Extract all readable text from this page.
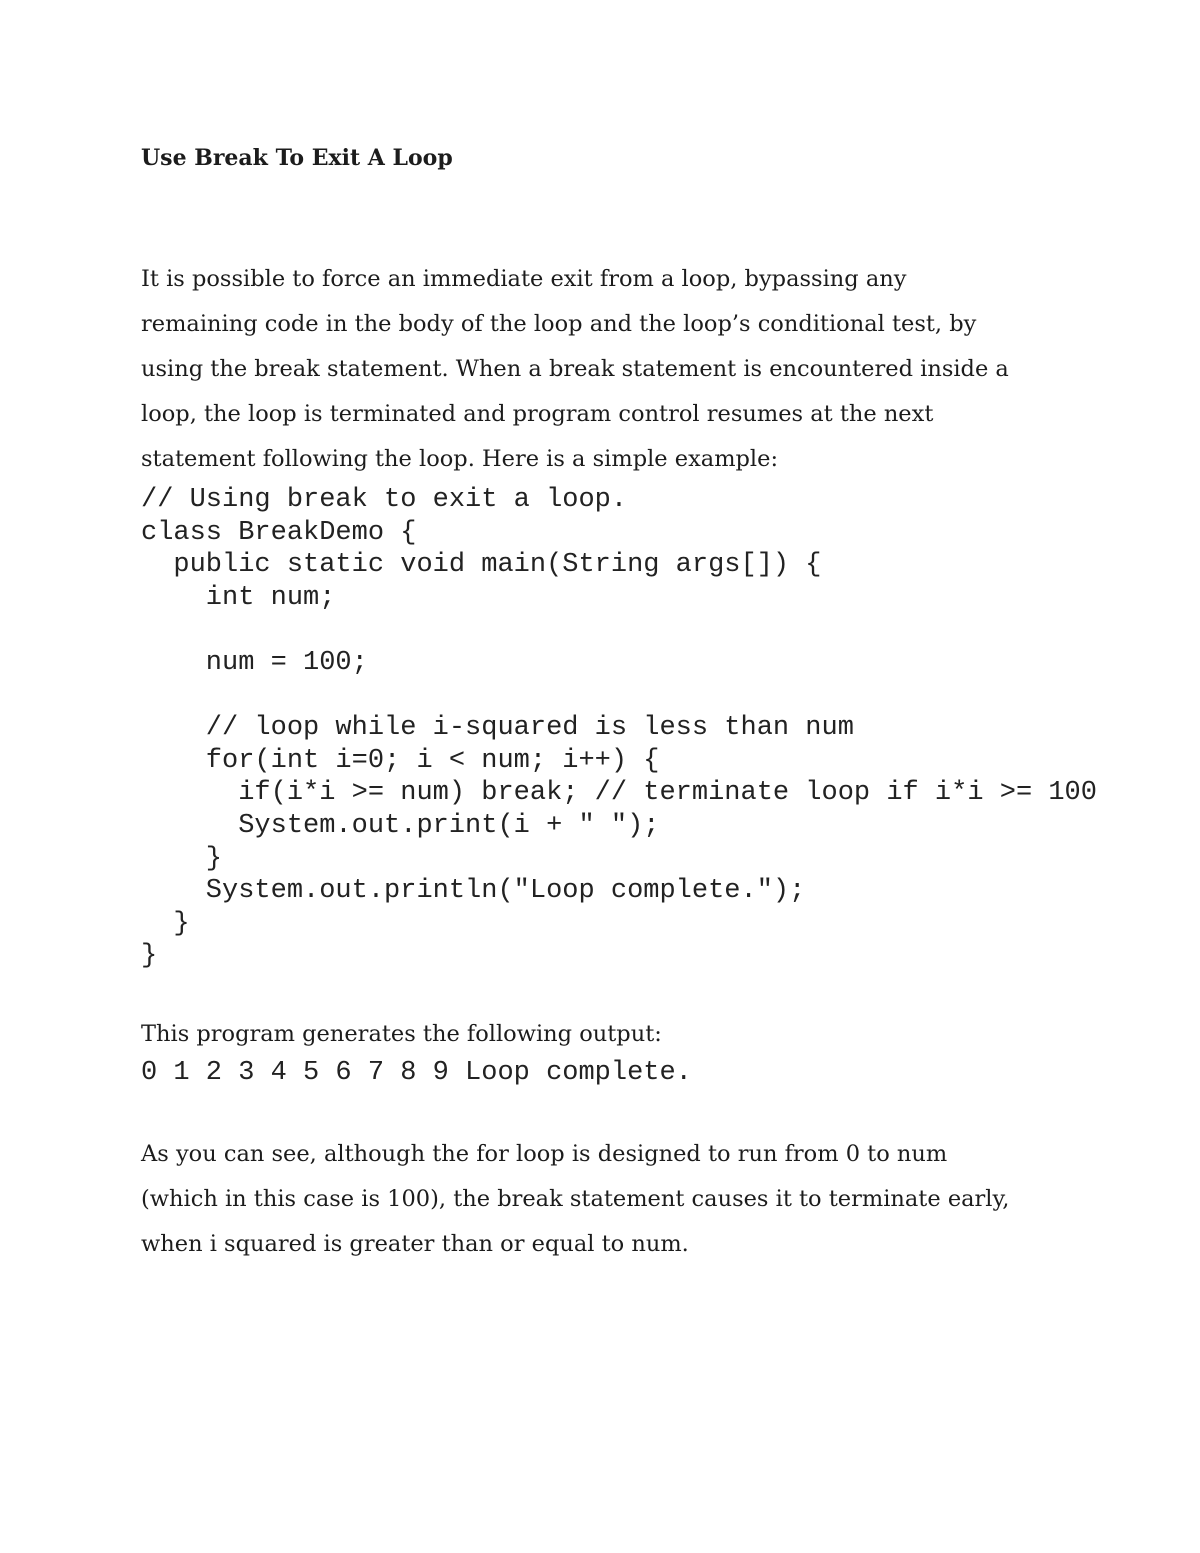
Use Break To Exit A Loop
It is possible to force an immediate exit from a loop, bypassing any
remaining code in the body of the loop and the loop’s conditional test, by
using the break statement. When a break statement is encountered inside a
loop, the loop is terminated and program control resumes at the next
statement following the loop. Here is a simple example:
// Using break to exit a loop.
class BreakDemo {
public static void main(String args[]) {
int num;
num = 100;
// loop while i-squared is less than num
for(int i=0; i < num; i++) {
if(i*i >= num) break; // terminate loop if i*i >= 100
System.out.print(i + " ");
}
System.out.println("Loop complete.");
}
}

This program generates the following output:

0 1 2 3 4 5 6 7 8 9 Loop complete.
As you can see, although the for loop is designed to run from 0 to num
(which in this case is 100), the break statement causes it to terminate early,
when i squared is greater than or equal to num.
